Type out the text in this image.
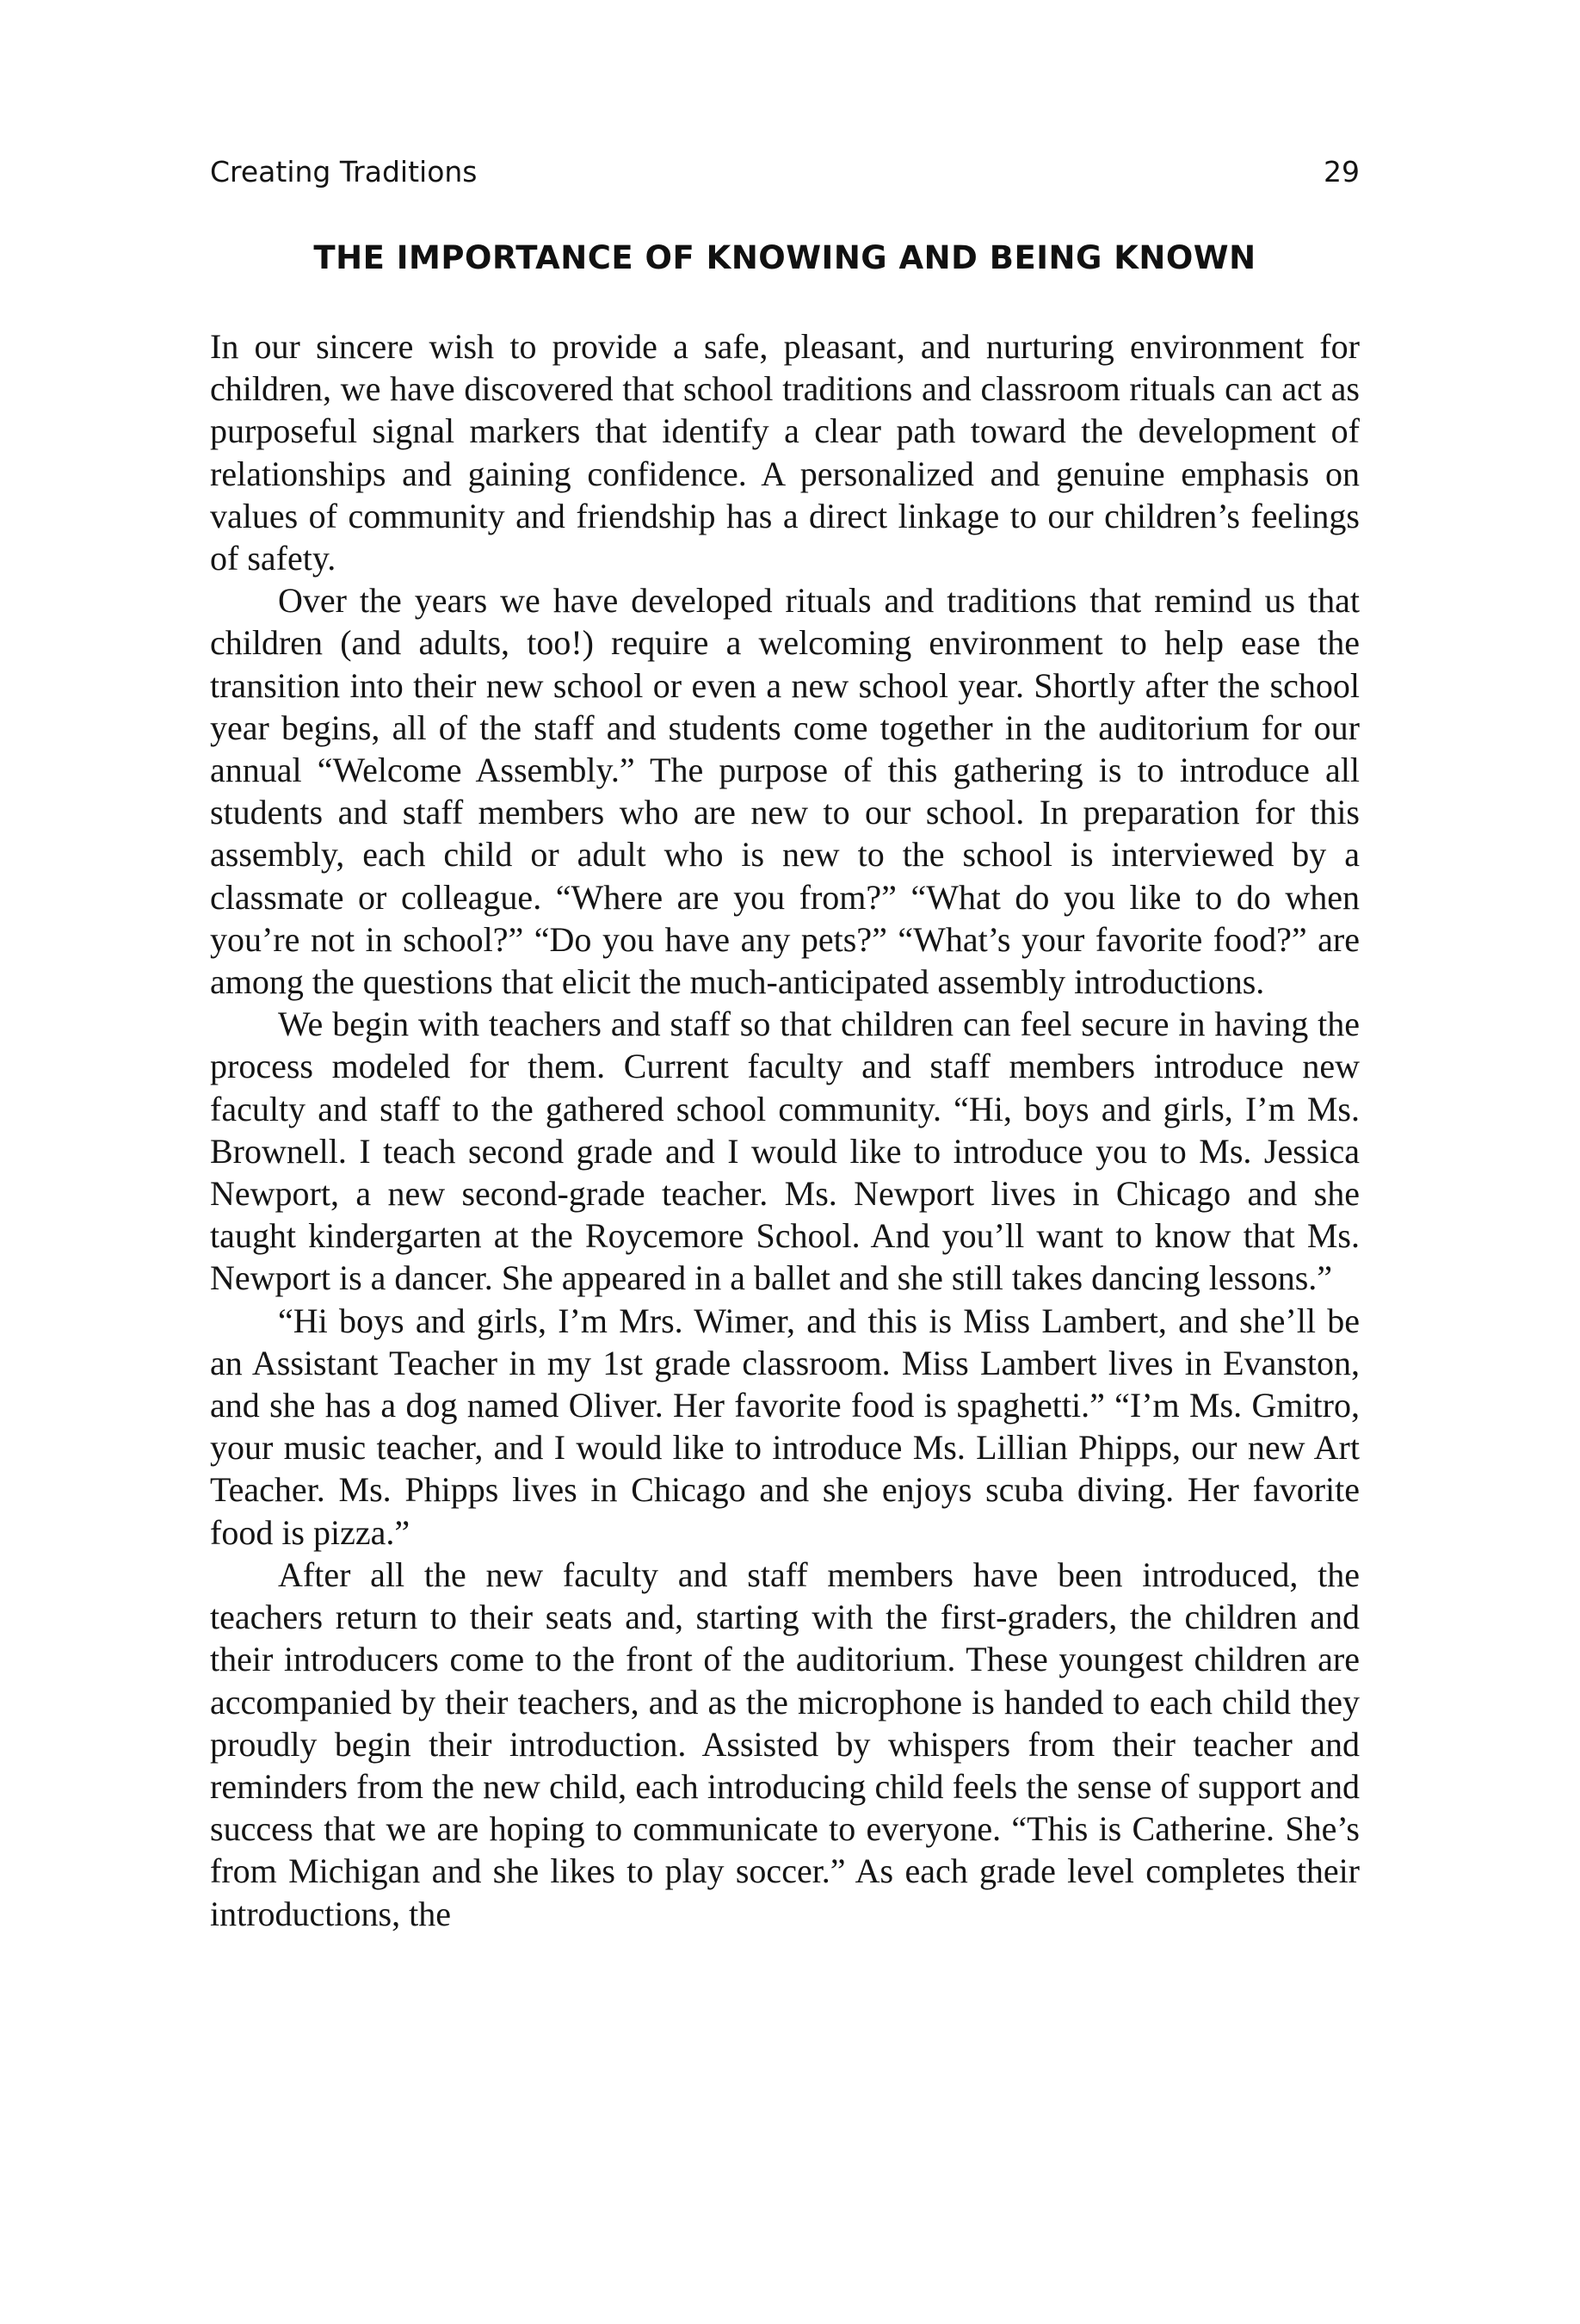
Creating Traditions	29
THE IMPORTANCE OF KNOWING AND BEING KNOWN

In our sincere wish to provide a safe, pleasant, and nurturing environment for children, we have discovered that school traditions and classroom rituals can act as purposeful signal markers that identify a clear path toward the development of relationships and gaining confidence. A personalized and genuine emphasis on values of community and friendship has a direct linkage to our children’s feelings of safety.

Over the years we have developed rituals and traditions that remind us that children (and adults, too!) require a welcoming environment to help ease the transition into their new school or even a new school year. Shortly after the school year begins, all of the staff and students come together in the auditorium for our annual “Welcome Assembly.” The purpose of this gathering is to introduce all students and staff members who are new to our school. In preparation for this assembly, each child or adult who is new to the school is interviewed by a classmate or colleague. “Where are you from?” “What do you like to do when you’re not in school?” “Do you have any pets?” “What’s your favorite food?” are among the questions that elicit the much-anticipated assembly introductions.

We begin with teachers and staff so that children can feel secure in having the process modeled for them. Current faculty and staff members introduce new faculty and staff to the gathered school community. “Hi, boys and girls, I’m Ms. Brownell. I teach second grade and I would like to introduce you to Ms. Jessica Newport, a new second-grade teacher. Ms. Newport lives in Chicago and she taught kindergarten at the Roycemore School. And you’ll want to know that Ms. Newport is a dancer. She appeared in a ballet and she still takes dancing lessons.”

“Hi boys and girls, I’m Mrs. Wimer, and this is Miss Lambert, and she’ll be an Assistant Teacher in my 1st grade classroom. Miss Lambert lives in Evanston, and she has a dog named Oliver. Her favorite food is spaghetti.” “I’m Ms. Gmitro, your music teacher, and I would like to introduce Ms. Lillian Phipps, our new Art Teacher. Ms. Phipps lives in Chicago and she enjoys scuba diving. Her favorite food is pizza.”

After all the new faculty and staff members have been introduced, the teachers return to their seats and, starting with the first-graders, the children and their introducers come to the front of the auditorium. These youngest children are accompanied by their teachers, and as the microphone is handed to each child they proudly begin their introduction. Assisted by whispers from their teacher and reminders from the new child, each introducing child feels the sense of support and success that we are hoping to communicate to everyone. “This is Catherine. She’s from Michigan and she likes to play soccer.” As each grade level completes their introductions, the
